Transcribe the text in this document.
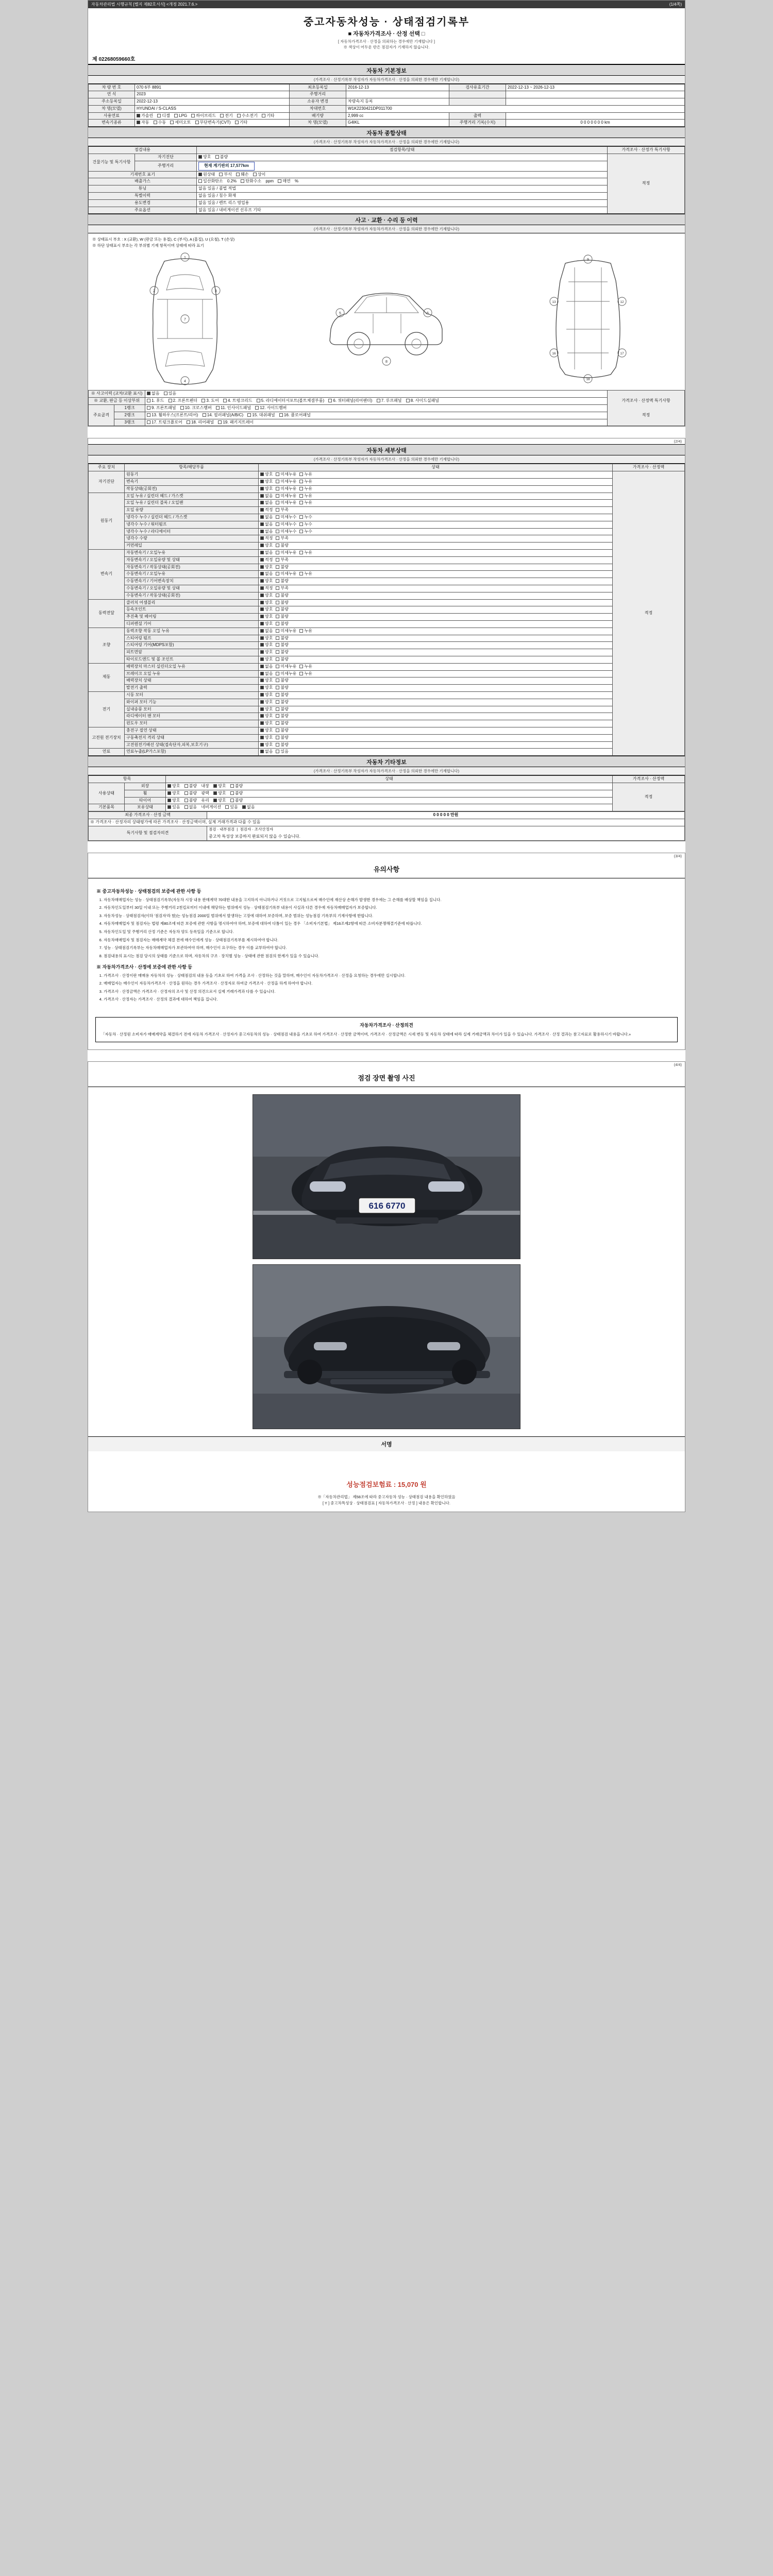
자동차관리법 시행규칙 [별지 제82호서식] <개정 2021.7.6.>	(1/4쪽)
중고자동차성능 · 상태점검기록부
■ 자동차가격조사 · 산정 선택 □
[ 자동차가격조사 · 산정을 의뢰하는 경우에만 기재합니다 ]
※ 색상이 어두운 란은 점검자가 기재하지 않습니다.
제 02268059660호
자동차 기본정보
(가격조사 · 산정기록부 작성자가 자동차가격조사 · 산정을 의뢰한 경우에만 기재합니다)
차 량 번 호	070 6부 8891	최초등록일	2016-12-13	검사유효기간	2022-12-13 ~ 2026-12-13
연 식	2023	주행거리			
주소등록일	2022-12-13	소유자 변경	차량속지 등록		
차 명(모델)	HYUNDAI / S-CLASS	차대번호	W1K2230421DP011700		
사용연료	가솔린 디젤 LPG 하이브리드 전기 수소전기 기타	배기량	2,999 cc	출력	
변속기종류	자동 수동 세미오토 무단변속기(CVT) 기타	차 명(모델)	G4IKL	주행거리 기록(수치)	0 0 0 0 0 0 0 km
자동차 종합상태
(가격조사 · 산정기록부 작성자가 자동차가격조사 · 산정을 의뢰한 경우에만 기재합니다)
점검내용		점검항목/상태	가격조사 · 산정가 특기사항
건물기능 및 특기사항	자기진단	양호 불량	적정
	주행거리	현재 계기판의 17,577km	
기재번호 표기		원상태 부식 훼손 상이	
배출가스		일산화탄소 0.2% 탄화수소 ppm 매연 %	
튜닝		없음 있음 / 불법 적법	
특별이력		없음 있음 / 침수 화재	
용도변경		없음 있음 / 렌트 리스 영업용	
주요옵션		없음 있음 / 내비게이션 선루프 기타	
사고 · 교환 · 수리 등 이력
(가격조사 · 산정기록부 작성자가 자동차가격조사 · 산정을 의뢰한 경우에만 기재합니다)
※ 상태표시 부호 : X (교환), W (판금 또는 용접), C (부식), A (흠집), U (요철), T (손상)
※ 하단 상태표시 부호는 각 부위별 기재 항목이며 상태에 따라 표기
1
2	3
4
7
8
6
5
9
13	12
16	17
18
※ 사고이력 (교차/교환 표시)		없음 있음	가격조사 · 산정액 특기사항
적정

※ 교환, 판금 등 이상부위		1. 후드 2. 프론트펜더 3. 도어 4. 트렁크리드 5. 라디에이터서포트(볼트체결부품) 6. 쿼터패널(리어펜더) 7. 루프패널 8. 사이드실패널	
주요골격	1랭크	9. 프론트패널 10. 크로스멤버 11. 인사이드패널 12. 사이드멤버	
	2랭크	13. 휠하우스(프론트/리어) 14. 필러패널(A/B/C) 15. 대쉬패널 16. 플로어패널	
	3랭크	17. 트렁크플로어 18. 리어패널 19. 패키지트레이	
(2/4)
자동차 세부상태
(가격조사 · 산정기록부 작성자가 자동차가격조사 · 산정을 의뢰한 경우에만 기재합니다)
주요 장치	항목/해당부품	상태	가격조사 · 산정액
자기진단	원동기	양호 미세누유 누유	적정
	변속기	양호 미세누유 누유	
	작동상태(공회전)	양호 미세누유 누유	
원동기	오일 누유 / 실린더 헤드 / 가스켓	없음 미세누유 누유	
	오일 누유 / 실린더 블록 / 오일팬	없음 미세누유 누유	
	오일 유량	적정 부족	
	냉각수 누수 / 실린더 헤드 / 가스켓	없음 미세누수 누수	
	냉각수 누수 / 워터펌프	없음 미세누수 누수	
	냉각수 누수 / 라디에이터	없음 미세누수 누수	
	냉각수 수량	적정 부족	
	커먼레일	양호 불량	
변속기	자동변속기 / 오일누유	없음 미세누유 누유	
	자동변속기 / 오일유량 및 상태	적정 부족	
	자동변속기 / 작동상태(공회전)	양호 불량	
	수동변속기 / 오일누유	없음 미세누유 누유	
	수동변속기 / 기어변속장치	양호 불량	
	수동변속기 / 오일유량 및 상태	적정 부족	
	수동변속기 / 작동상태(공회전)	양호 불량	
동력전달	클러치 어셈블리	양호 불량	
	등속조인트	양호 불량	
	추진축 및 베어링	양호 불량	
	디퍼렌셜 기어	양호 불량	
조향	동력조향 작동 오일 누유	없음 미세누유 누유	
	스티어링 펌프	양호 불량	
	스티어링 기어(MDPS포함)	양호 불량	
	피트먼암	양호 불량	
	타이로드엔드 및 볼 조인트	양호 불량	
제동	배력장치 마스터 실린더오일 누유	없음 미세누유 누유	
	브레이크 오일 누유	없음 미세누유 누유	
	배력장치 상태	양호 불량	
	발전기 출력	양호 불량	
전기	시동 모터	양호 불량	
	와이퍼 모터 기능	양호 불량	
	실내송풍 모터	양호 불량	
	라디에이터 팬 모터	양호 불량	
	윈도우 모터	양호 불량	
고전원 전기장치	충전구 절연 상태	양호 불량	
	구동축전지 격리 상태	양호 불량	
	고전원전기배선 상태(접속단자,피복,보호기구)	양호 불량	
연료	연료누출(LP가스포함)	없음 있음	
자동차 기타정보
(가격조사 · 산정기록부 작성자가 자동차가격조사 · 산정을 의뢰한 경우에만 기재합니다)
항목		상태	가격조사 · 산정액
사용상태	외장	양호 불량 내장 양호 불량	적정
	휠	양호 불량 광택 양호 불량	
	타이어	양호 불량 유리 양호 불량	
기본품목	보유상태	있음 없음 네비게이션 있음 없음	
최종 가격조사 · 산정 금액	0 0 0 0 0 만원
※ 가격조사 · 산정자의 상태평가에 따른 가격조사 · 산정금액이며, 실제 거래가격과 다를 수 있음	

특기사항 및 점검자의견	점검 · 내부점검  |  점검자 · 조사산정자
중고차 특성상 보증하지 완료되지 않을 수 있습니다.
(3/4)
유의사항
※ 중고자동차성능 · 상태점검의 보증에 관한 사항 등
1. 자동차매매업자는 성능 · 상태점검기록부(자동차 시장 내용 판매계약 70대한 내용을 고지하지 아니하거나 거짓으로 고지될으로써 매수인에 재산상 손해가 발생한 경우에는 그 손해를 배상할 책임을 집니다.
2. 자동차인도일부터 30일 이내 또는 주행거리 2천킬로미터 이내에 해당하는 범위에서 성능 · 상태점검기록부 내용이 사실과 다른 경우에 자동차매매업자가 보증합니다.
3. 자동차성능 · 상태점검자(이하 '점검자'라 함)는 성능점검 2000일 범위에서 발생하는 고장에 대하여 보증하며, 보증 범위는 성능점검 기록부의 기재사항에 한합니다.
4. 자동차매매업자 및 점검자는 법령 제80조에 따른 보증에 관한 사항을 명시하여야 하며, 보증에 대하여 다툼이 있는 경우 「소비자기본법」 제16조제2항에 따른 소비자분쟁해결기준에 따릅니다.
5. 자동차인도일 및 주행거리 산정 기준은 자동차 양도 등록일을 기준으로 합니다.
6. 자동차매매업자 및 점검자는 매매계약 체결 전에 매수인에게 성능 · 상태점검기록부를 제시하여야 합니다.
7. 성능 · 상태점검기록부는 자동차매매업자가 보관하여야 하며, 매수인이 요구하는 경우 이를 교부하여야 합니다.
8. 점검내용의 표시는 점검 당시의 상태를 기준으로 하며, 자동차의 구조 · 장치별 성능 · 상태에 관한 점검의 한계가 있을 수 있습니다.
※ 자동차가격조사 · 산정에 보증에 관한 사항 등
1. 가격조사 · 산정이란 매매용 자동차의 성능 · 상태점검의 내용 등을 기초로 하여 가격을 조사 · 산정하는 것을 말하며, 매수인이 자동차가격조사 · 산정을 요청하는 경우에만 실시합니다.
2. 매매업자는 매수인이 자동차가격조사 · 산정을 원하는 경우 가격조사 · 산정자로 하여금 가격조사 · 산정을 하게 하여야 합니다.
3. 가격조사 · 산정금액은 가격조사 · 산정자의 조사 및 산정 의견으로서 실제 거래가격과 다를 수 있습니다.
4. 가격조사 · 산정자는 가격조사 · 산정의 결과에 대하여 책임을 집니다.
자동차가격조사 · 산정의견
「자동차 · 산정원 소비자가 매매계약을 체결하기 전에 자동차 가격조사 · 산정자가 중고자동차의 성능 · 상태점검 내용을 기초로 하여 가격조사 · 산정한 금액이며, 가격조사 · 산정금액은 시세 변동 및 자동차 상태에 따라 실제 거래금액과 차이가 있을 수 있습니다. 가격조사 · 산정 결과는 참고자료로 활용하시기 바랍니다.»
(4/4)
점검 장면 촬영 사진
616 6770
서명
성능점검보험료 : 15,070 원
※「자동차관리법」 제58조에 따라 중고자동차 성능 · 상태점검 내용을 확인하였음
[ Y ] 중고차특성상 · 상태점검표 [ 자동차가격조사 · 산정 ] 내용은 확인합니다.
